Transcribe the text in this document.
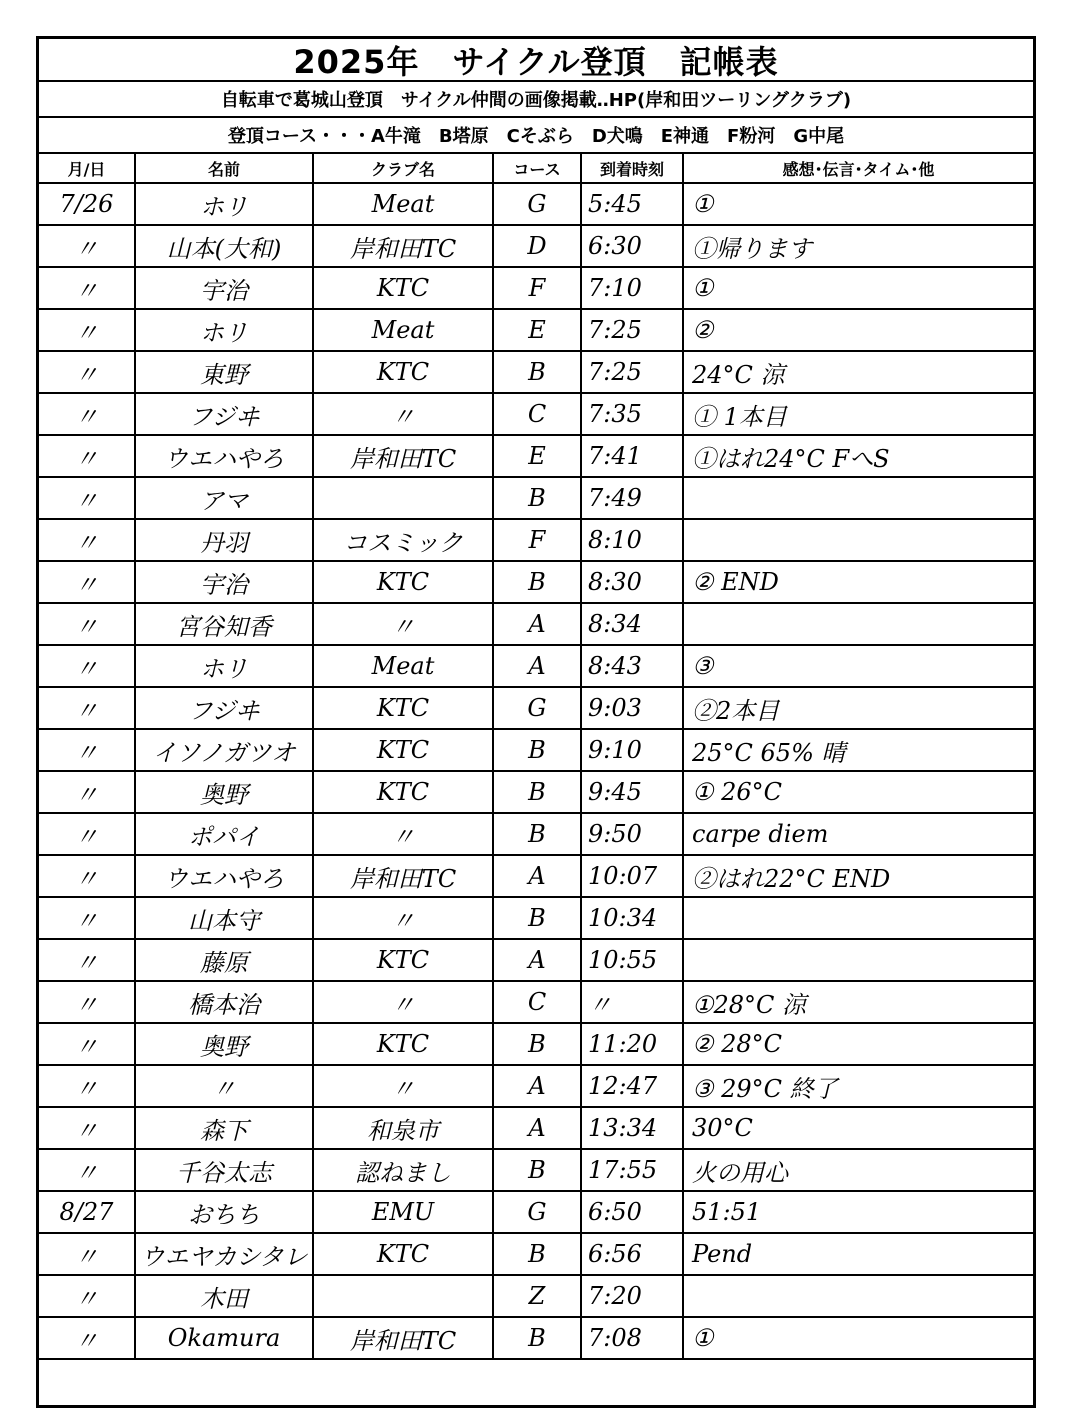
2025年　サイクル登頂　記帳表
自転車で葛城山登頂　サイクル仲間の画像掲載‥HP(岸和田ツーリングクラブ)
登頂コース・・・A牛滝　B塔原　Cそぶら　D犬鳴　E神通　F粉河　G中尾
月/日	名前	クラブ名	コース	到着時刻	感想･伝言･タイム･他
7/26	ホリ	Meat	G	5:45	①
〃	山本(大和)	岸和田TC	D	6:30	①帰ります
〃	宇治	KTC	F	7:10	①
〃	ホリ	Meat	E	7:25	②
〃	東野	KTC	B	7:25	24°C 涼
〃	フジヰ	〃	C	7:35	① 1本目
〃	ウエハやろ	岸和田TC	E	7:41	①はれ24°C FへS
〃	アマ		B	7:49	
〃	丹羽	コスミック	F	8:10	
〃	宇治	KTC	B	8:30	② END
〃	宮谷知香	〃	A	8:34	
〃	ホリ	Meat	A	8:43	③
〃	フジヰ	KTC	G	9:03	②2本目
〃	イソノガツオ	KTC	B	9:10	25°C 65% 晴
〃	奥野	KTC	B	9:45	① 26°C
〃	ポパイ	〃	B	9:50	carpe diem
〃	ウエハやろ	岸和田TC	A	10:07	②はれ22°C END
〃	山本守	〃	B	10:34	
〃	藤原	KTC	A	10:55	
〃	橋本治	〃	C	〃	①28°C 涼
〃	奥野	KTC	B	11:20	② 28°C
〃	〃	〃	A	12:47	③ 29°C 終了
〃	森下	和泉市	A	13:34	30°C
〃	千谷太志	認ねまし	B	17:55	火の用心
8/27	おちち	EMU	G	6:50	51:51
〃	ウエヤカシタレ	KTC	B	6:56	Pend
〃	木田		Z	7:20	
〃	Okamura	岸和田TC	B	7:08	①
